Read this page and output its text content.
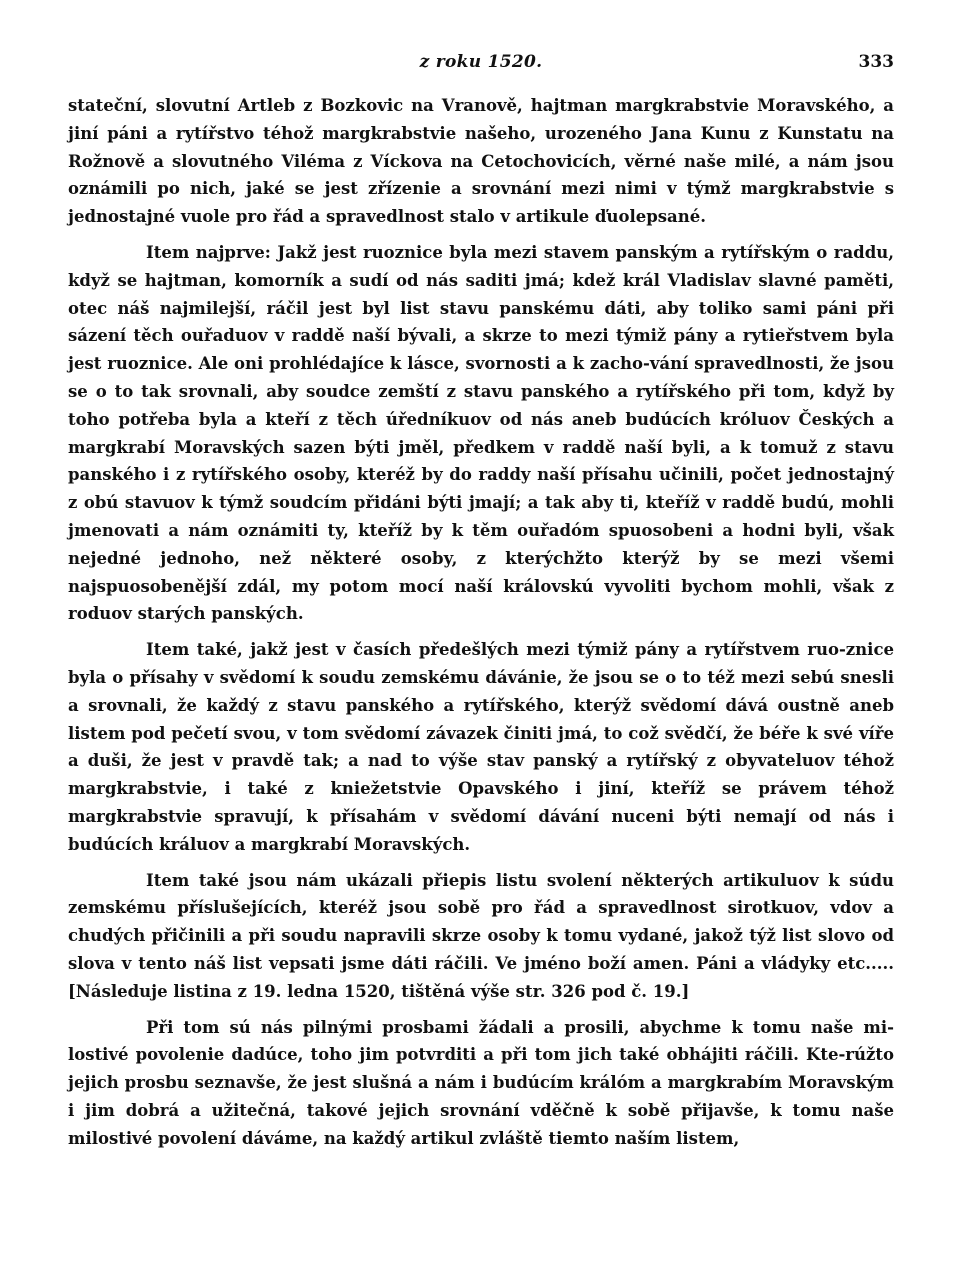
z roku 1520.	333

stateční, slovutní Artleb z Bozkovic na Vranově, hajtman margkrabstvie Moravského, a jiní páni a rytířstvo téhož margkrabstvie našeho, urozeného Jana Kunu z Kunstatu na Rožnově a slovutného Viléma z Víckova na Cetochovicích, věrné naše milé, a nám jsou oznámili po nich, jaké se jest zřízenie a srovnání mezi nimi v týmž margkrabstvie s jednostajné vuole pro řád a spravedlnost stalo v artikule ďuolepsané.

Item najprve: Jakž jest ruoznice byla mezi stavem panským a rytířským o raddu, když se hajtman, komorník a sudí od nás saditi jmá; kdež král Vladislav slavné paměti, otec náš najmilejší, ráčil jest byl list stavu panskému dáti, aby toliko sami páni při sázení těch ouřaduov v raddě naší bývali, a skrze to mezi týmiž pány a rytieřstvem byla jest ruoznice. Ale oni prohlédajíce k lásce, svornosti a k zacho-vání spravedlnosti, že jsou se o to tak srovnali, aby soudce zemští z stavu panského a rytířského při tom, když by toho potřeba byla a kteří z těch úředníkuov od nás aneb budúcích króluov Českých a margkrabí Moravských sazen býti jměl, předkem v raddě naší byli, a k tomuž z stavu panského i z rytířského osoby, kteréž by do raddy naší přísahu učinili, počet jednostajný z obú stavuov k týmž soudcím přidáni býti jmají; a tak aby ti, kteříž v raddě budú, mohli jmenovati a nám oznámiti ty, kteříž by k těm ouřadóm spuosobeni a hodni byli, však nejedné jednoho, než některé osoby, z kterýchžto kterýž by se mezi všemi najspuosobenější zdál, my potom mocí naší královskú vyvoliti bychom mohli, však z roduov starých panských.

Item také, jakž jest v časích předešlých mezi týmiž pány a rytířstvem ruo-znice byla o přísahy v svědomí k soudu zemskému dávánie, že jsou se o to též mezi sebú snesli a srovnali, že každý z stavu panského a rytířského, kterýž svědomí dává oustně aneb listem pod pečetí svou, v tom svědomí závazek činiti jmá, to což svědčí, že béře k své víře a duši, že jest v pravdě tak; a nad to výše stav panský a rytířský z obyvateluov téhož margkrabstvie, i také z kniežetstvie Opavského i jiní, kteříž se právem téhož margkrabstvie spravují, k přísahám v svědomí dávání nuceni býti nemají od nás i budúcích králuov a margkrabí Moravských.

Item také jsou nám ukázali přiepis listu svolení některých artikuluov k súdu zemskému příslušejících, kteréž jsou sobě pro řád a spravedlnost sirotkuov, vdov a chudých přičinili a při soudu napravili skrze osoby k tomu vydané, jakož týž list slovo od slova v tento náš list vepsati jsme dáti ráčili. Ve jméno boží amen. Páni a vládyky etc..... [Následuje listina z 19. ledna 1520, tištěná výše str. 326 pod č. 19.]

Při tom sú nás pilnými prosbami žádali a prosili, abychme k tomu naše mi-lostivé povolenie dadúce, toho jim potvrditi a při tom jich také obhájiti ráčili. Kte-rúžto jejich prosbu seznavše, že jest slušná a nám i budúcím králóm a margkrabím Moravským i jim dobrá a užitečná, takové jejich srovnání vděčně k sobě přijavše, k tomu naše milostivé povolení dáváme, na každý artikul zvláště tiemto naším listem,
